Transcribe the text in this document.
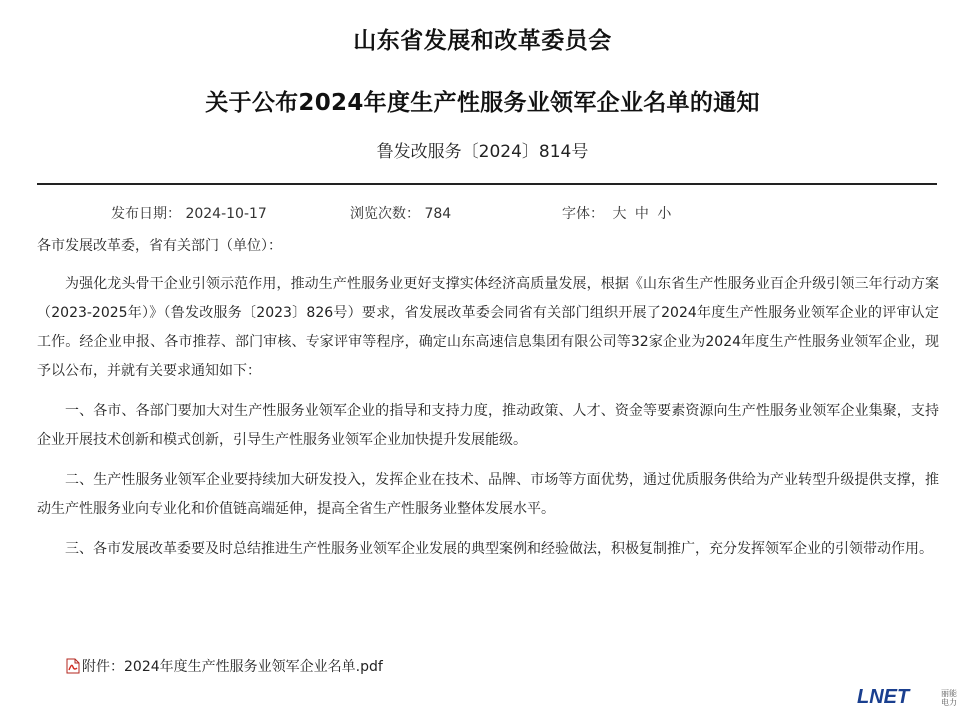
山东省发展和改革委员会
关于公布2024年度生产性服务业领军企业名单的通知
鲁发改服务〔2024〕814号
发布日期： 2024-10-17	浏览次数： 784	字体： 大 中 小
各市发展改革委，省有关部门（单位）：

为强化龙头骨干企业引领示范作用，推动生产性服务业更好支撑实体经济高质量发展，根据《山东省生产性服务业百企升级引领三年行动方案（2023-2025年）》（鲁发改服务〔2023〕826号）要求，省发展改革委会同省有关部门组织开展了2024年度生产性服务业领军企业的评审认定工作。经企业申报、各市推荐、部门审核、专家评审等程序，确定山东高速信息集团有限公司等32家企业为2024年度生产性服务业领军企业，现予以公布，并就有关要求通知如下：

一、各市、各部门要加大对生产性服务业领军企业的指导和支持力度，推动政策、人才、资金等要素资源向生产性服务业领军企业集聚，支持企业开展技术创新和模式创新，引导生产性服务业领军企业加快提升发展能级。

二、生产性服务业领军企业要持续加大研发投入，发挥企业在技术、品牌、市场等方面优势，通过优质服务供给为产业转型升级提供支撑，推动生产性服务业向专业化和价值链高端延伸，提高全省生产性服务业整体发展水平。

三、各市发展改革委要及时总结推进生产性服务业领军企业发展的典型案例和经验做法，积极复制推广，充分发挥领军企业的引领带动作用。

附件： 2024年度生产性服务业领军企业名单.pdf
LNET	丽能电力
